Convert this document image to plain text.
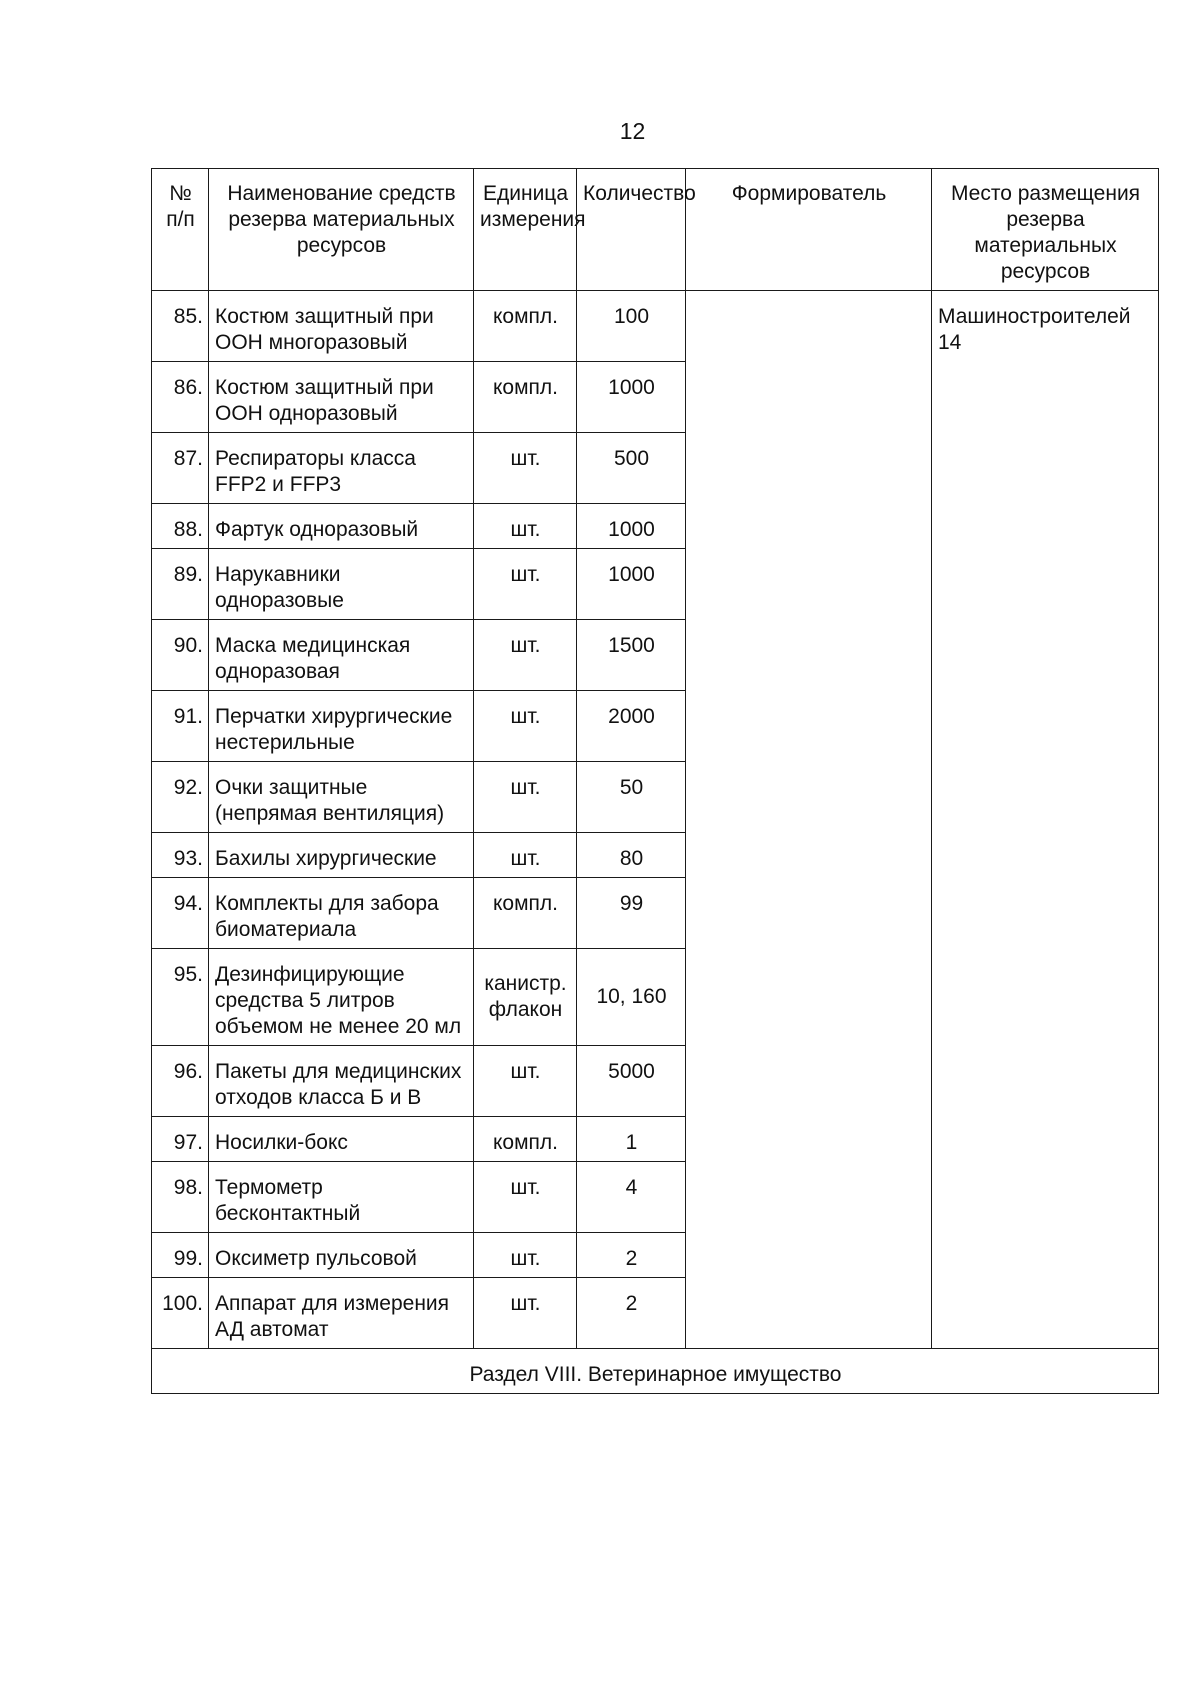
12
№ п/п	Наименование средств резерва материальных ресурсов	Единица измерения	Количество	Формирователь	Место размещения резерва материальных ресурсов
85.	Костюм защитный при ООН многоразовый	компл.	100		Машиностроителей 14
86.	Костюм защитный при ООН одноразовый	компл.	1000		
87.	Респираторы класса FFP2 и FFP3	шт.	500		
88.	Фартук одноразовый	шт.	1000		
89.	Нарукавники одноразовые	шт.	1000		
90.	Маска медицинская одноразовая	шт.	1500		
91.	Перчатки хирургические нестерильные	шт.	2000		
92.	Очки защитные (непрямая вентиляция)	шт.	50		
93.	Бахилы хирургические	шт.	80		
94.	Комплекты для забора биоматериала	компл.	99		
95.	Дезинфицирующие средства 5 литров объемом не менее 20 мл	канистр. флакон	10, 160		
96.	Пакеты для медицинских отходов класса Б и В	шт.	5000		
97.	Носилки-бокс	компл.	1		
98.	Термометр бесконтактный	шт.	4		
99.	Оксиметр пульсовой	шт.	2		
100.	Аппарат для измерения АД автомат	шт.	2		
Раздел VIII. Ветеринарное имущество					
